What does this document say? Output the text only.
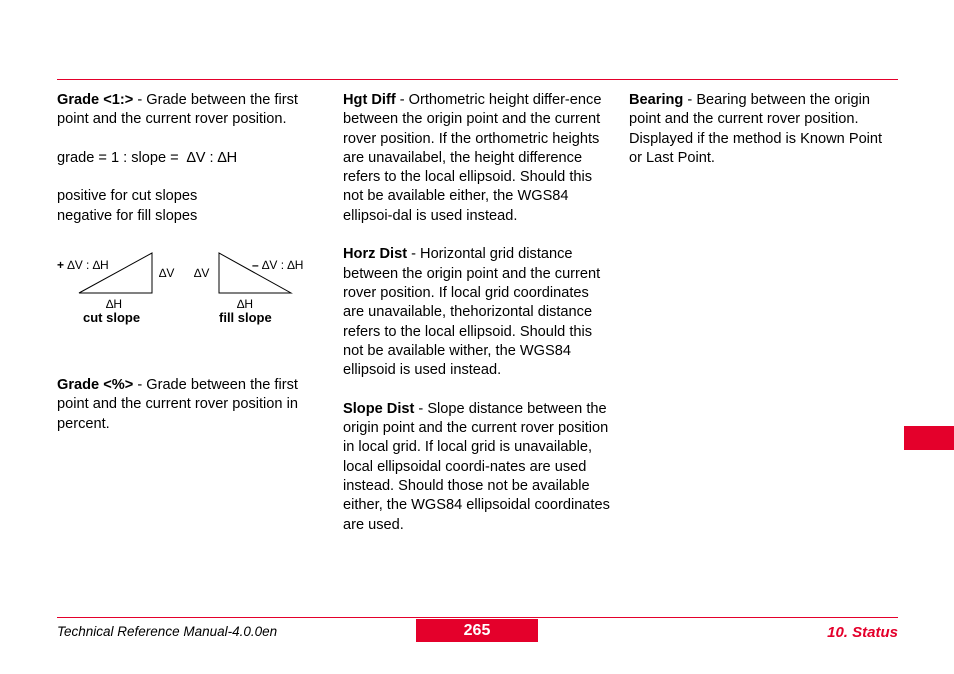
Grade <1:> - Grade between the first point and the current rover position.

grade = 1 : slope =  ∆V : ∆H

positive for cut slopes

negative for fill slopes

+ ∆V : ∆H
∆V
∆H
cut slope
∆V
– ∆V : ∆H
∆H
fill slope

Grade <%> - Grade between the first point and the current rover position in percent.

Hgt Diff - Orthometric height differ-ence between the origin point and the current rover position. If the orthometric heights are unavailabel, the height difference refers to the local ellipsoid. Should this not be available either, the WGS84 ellipsoi-dal is used instead.

Horz Dist - Horizontal grid distance between the origin point and the current rover position. If local grid coordinates are unavailable, thehorizontal distance refers to the local ellipsoid. Should this not be available wither, the WGS84 ellipsoid is used instead.

Slope Dist - Slope distance between the origin point and the current rover position in local grid. If local grid is unavailable, local ellipsoidal coordi-nates are used instead. Should those not be available either, the WGS84 ellipsoidal coordinates are used.

Bearing - Bearing between the origin point and the current rover position. Displayed if the method is Known Point or Last Point.

Technical Reference Manual-4.0.0en	265	10. Status
